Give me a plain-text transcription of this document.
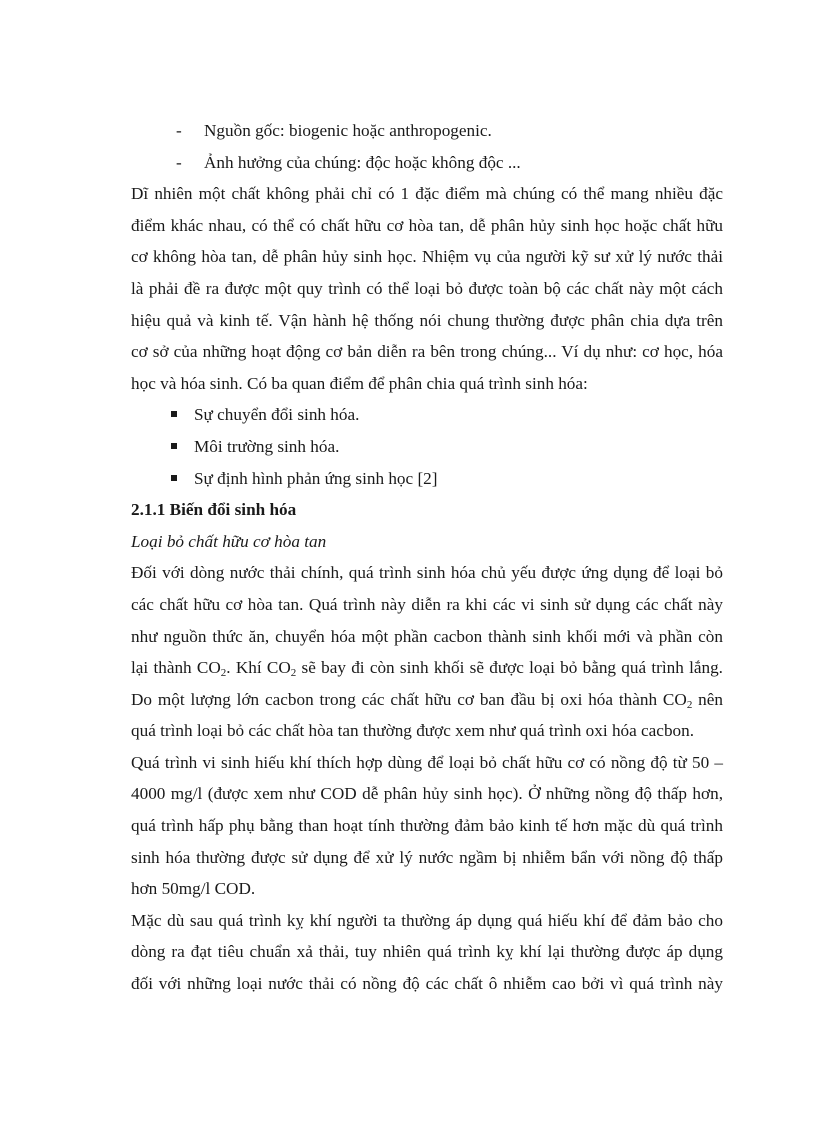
- Nguồn gốc: biogenic hoặc anthropogenic.
- Ảnh hưởng của chúng: độc hoặc không độc ...
Dĩ nhiên một chất không phải chỉ có 1 đặc điểm mà chúng có thể mang nhiều đặc
điểm khác nhau, có thể có chất hữu cơ hòa tan, dễ phân hủy sinh học hoặc chất hữu
cơ không hòa tan, dễ phân hủy sinh học. Nhiệm vụ của người kỹ sư xử lý nước thải
là phải đề ra được một quy trình có thể loại bỏ được toàn bộ các chất này một cách
hiệu quả và kinh tế. Vận hành hệ thống nói chung thường được phân chia dựa trên
cơ sở của những hoạt động cơ bản diễn ra bên trong chúng... Ví dụ như: cơ học, hóa
học và hóa sinh. Có ba quan điểm để phân chia quá trình sinh hóa:
Sự chuyển đổi sinh hóa.
Môi trường sinh hóa.
Sự định hình phản ứng sinh học [2]
2.1.1 Biến đổi sinh hóa
Loại bỏ chất hữu cơ hòa tan
Đối với dòng nước thải chính, quá trình sinh hóa chủ yếu được ứng dụng để loại bỏ
các chất hữu cơ hòa tan. Quá trình này diễn ra khi các vi sinh sử dụng các chất này
như nguồn thức ăn, chuyển hóa một phần cacbon thành sinh khối mới và phần còn
lại thành $CO_2$. Khí $CO_2$ sẽ bay đi còn sinh khối sẽ được loại bỏ bằng quá trình lắng.
Do một lượng lớn cacbon trong các chất hữu cơ ban đầu bị oxi hóa thành $CO_2$ nên
quá trình loại bỏ các chất hòa tan thường được xem như quá trình oxi hóa cacbon.
Quá trình vi sinh hiếu khí thích hợp dùng để loại bỏ chất hữu cơ có nồng độ từ 50 –
4000 mg/l (được xem như COD dễ phân hủy sinh học). Ở những nồng độ thấp hơn,
quá trình hấp phụ bằng than hoạt tính thường đảm bảo kinh tế hơn mặc dù quá trình
sinh hóa thường được sử dụng để xử lý nước ngầm bị nhiễm bẩn với nồng độ thấp
hơn 50mg/l COD.
Mặc dù sau quá trình kỵ khí người ta thường áp dụng quá hiếu khí để đảm bảo cho
dòng ra đạt tiêu chuẩn xả thải, tuy nhiên quá trình kỵ khí lại thường được áp dụng
đối với những loại nước thải có nồng độ các chất ô nhiễm cao bởi vì quá trình này
